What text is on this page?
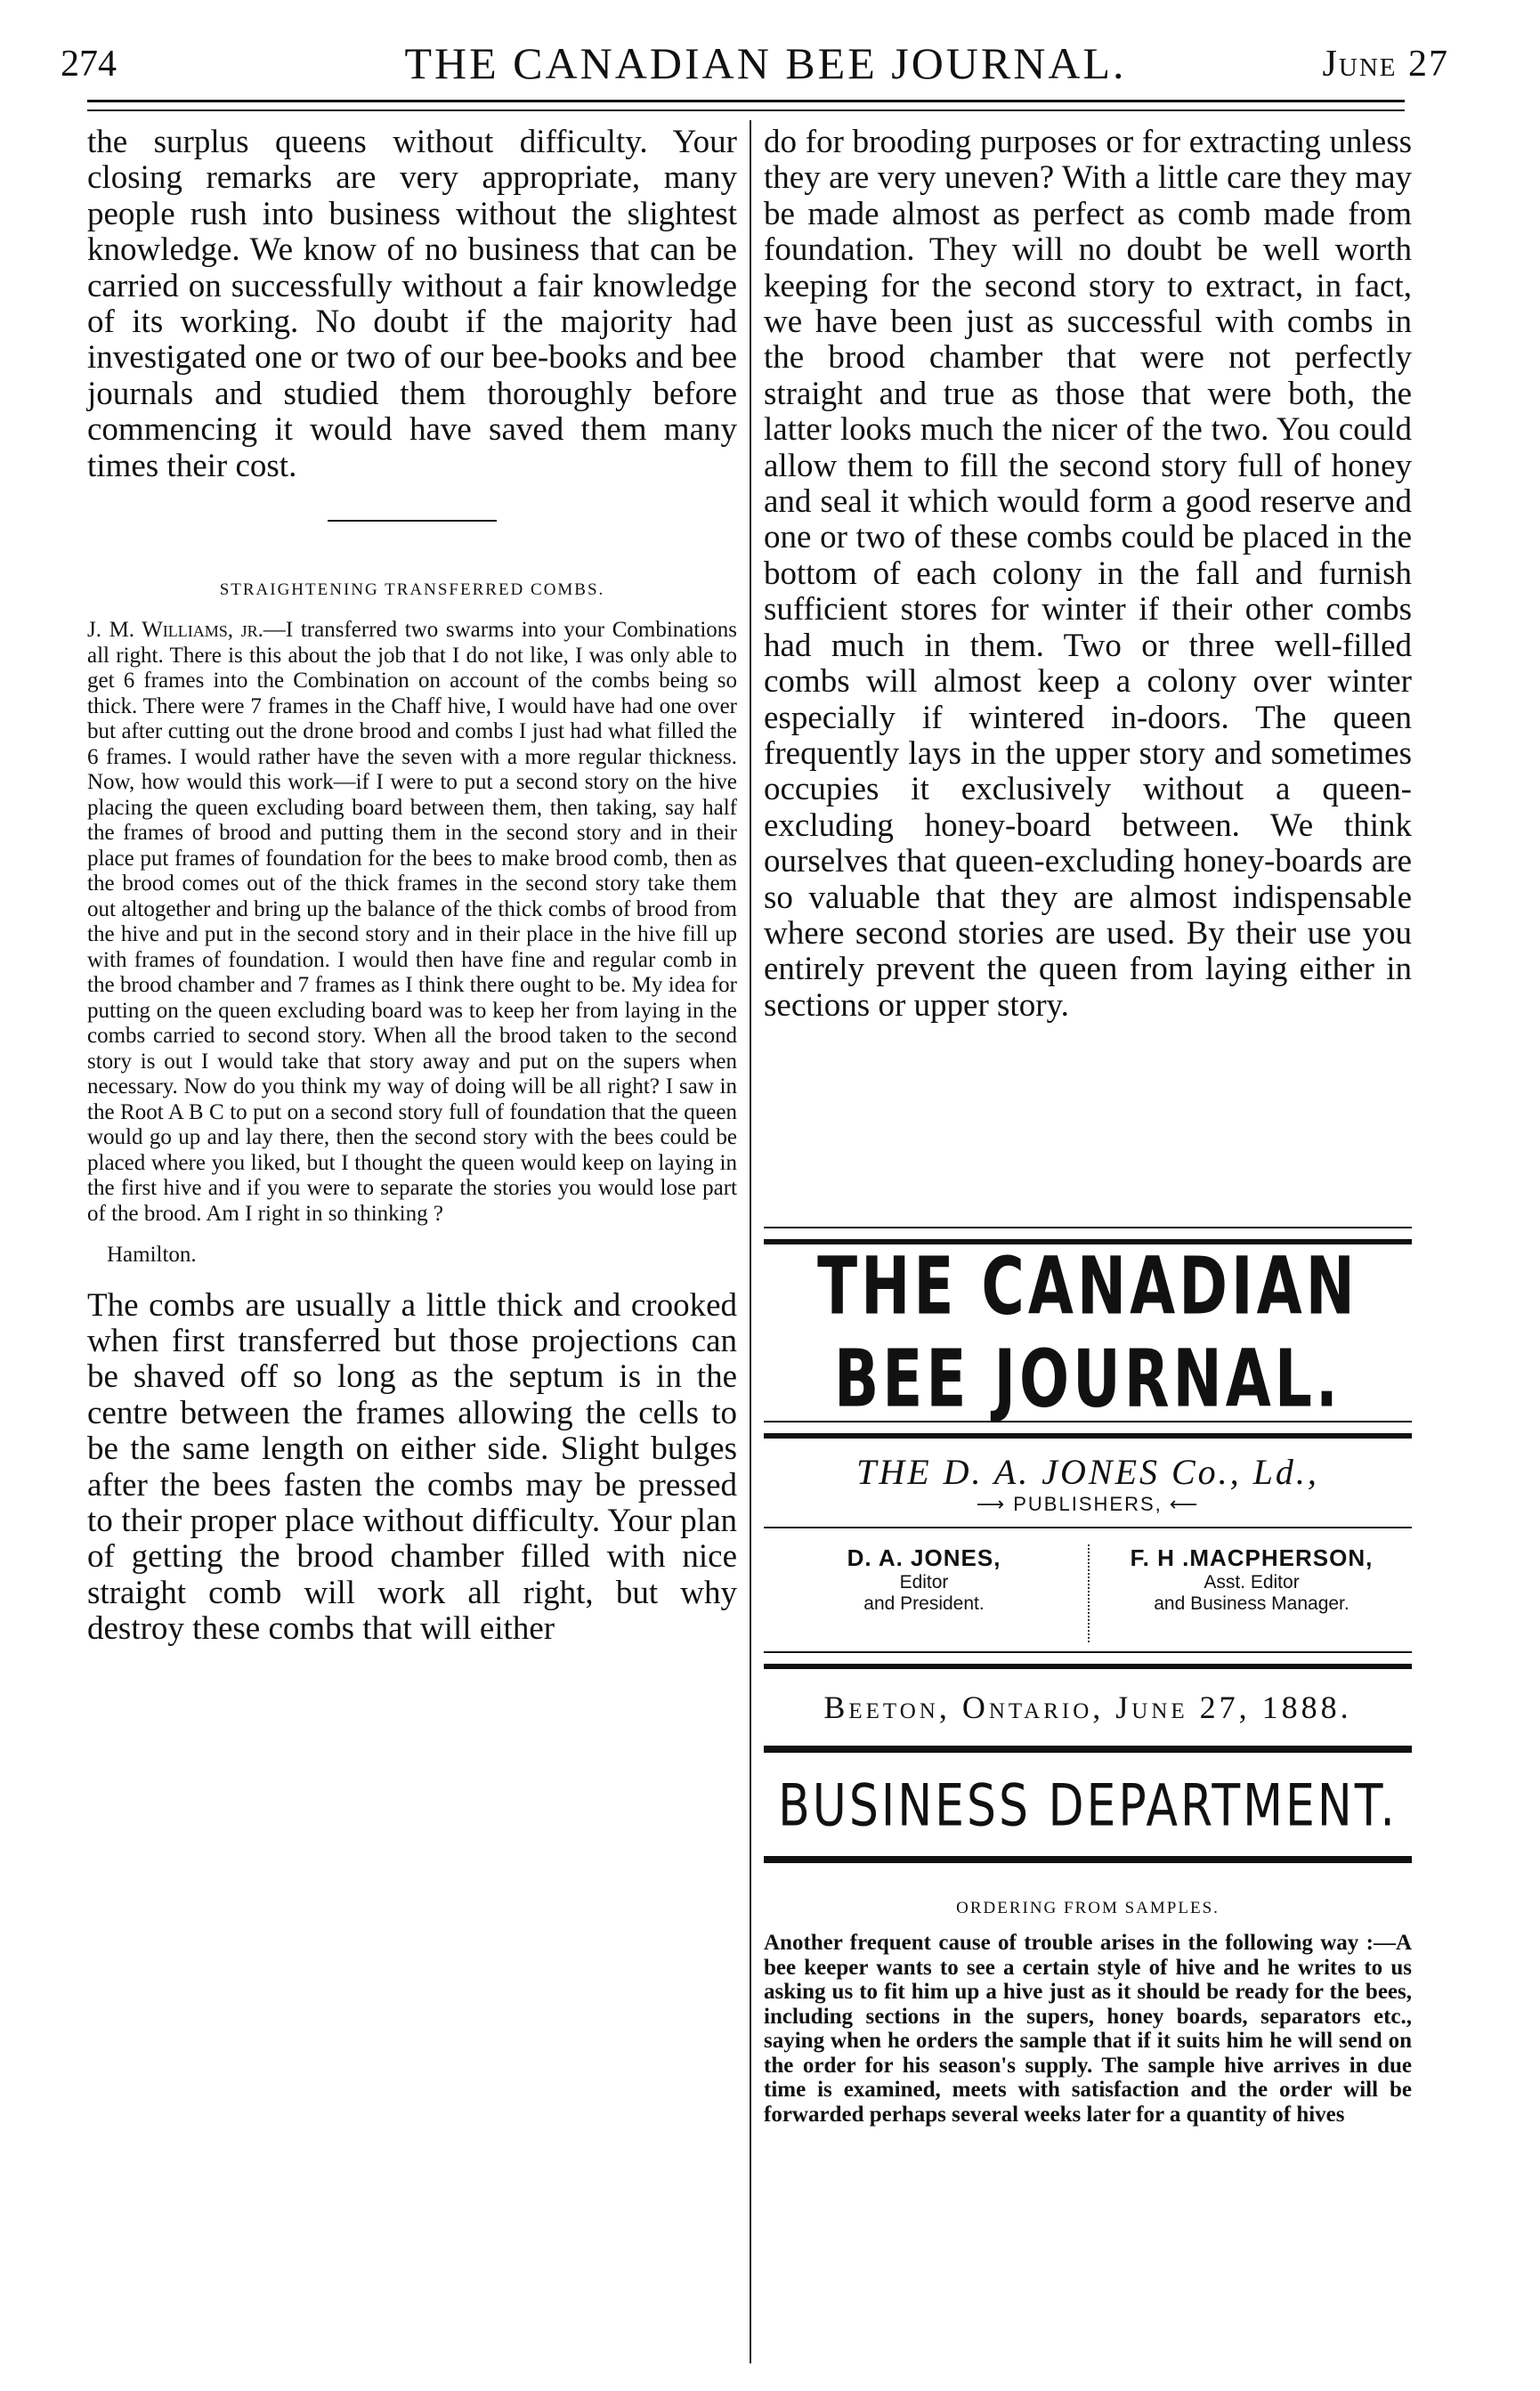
274	THE CANADIAN BEE JOURNAL.	June 27

the surplus queens without difficulty. Your closing remarks are very appropriate, many people rush into business without the slightest knowledge. We know of no business that can be carried on successfully without a fair knowledge of its working. No doubt if the majority had investigated one or two of our bee-books and bee journals and studied them thoroughly before commencing it would have saved them many times their cost.

STRAIGHTENING TRANSFERRED COMBS.

J. M. Williams, jr.—I transferred two swarms into your Combinations all right. There is this about the job that I do not like, I was only able to get 6 frames into the Combination on account of the combs being so thick. There were 7 frames in the Chaff hive, I would have had one over but after cutting out the drone brood and combs I just had what filled the 6 frames. I would rather have the seven with a more regular thickness. Now, how would this work—if I were to put a second story on the hive placing the queen excluding board between them, then taking, say half the frames of brood and putting them in the second story and in their place put frames of foundation for the bees to make brood comb, then as the brood comes out of the thick frames in the second story take them out altogether and bring up the balance of the thick combs of brood from the hive and put in the second story and in their place in the hive fill up with frames of foundation. I would then have fine and regular comb in the brood chamber and 7 frames as I think there ought to be. My idea for putting on the queen excluding board was to keep her from laying in the combs carried to second story. When all the brood taken to the second story is out I would take that story away and put on the supers when necessary. Now do you think my way of doing will be all right? I saw in the Root A B C to put on a second story full of foundation that the queen would go up and lay there, then the second story with the bees could be placed where you liked, but I thought the queen would keep on laying in the first hive and if you were to separate the stories you would lose part of the brood. Am I right in so thinking ?

Hamilton.

The combs are usually a little thick and crooked when first transferred but those projections can be shaved off so long as the septum is in the centre between the frames allowing the cells to be the same length on either side. Slight bulges after the bees fasten the combs may be pressed to their proper place without difficulty. Your plan of getting the brood chamber filled with nice straight comb will work all right, but why destroy these combs that will either

do for brooding purposes or for extracting unless they are very uneven? With a little care they may be made almost as perfect as comb made from foundation. They will no doubt be well worth keeping for the second story to extract, in fact, we have been just as successful with combs in the brood chamber that were not perfectly straight and true as those that were both, the latter looks much the nicer of the two. You could allow them to fill the second story full of honey and seal it which would form a good reserve and one or two of these combs could be placed in the bottom of each colony in the fall and furnish sufficient stores for winter if their other combs had much in them. Two or three well-filled combs will almost keep a colony over winter especially if wintered in-doors. The queen frequently lays in the upper story and sometimes occupies it exclusively without a queen-excluding honey-board between. We think ourselves that queen-excluding honey-boards are so valuable that they are almost indispensable where second stories are used. By their use you entirely prevent the queen from laying either in sections or upper story.

THE CANADIAN BEE JOURNAL.

THE D. A. JONES Co., Ld.,

⟶ PUBLISHERS, ⟵

D. A. JONES,
Editor
and President.
F. H .MACPHERSON,
Asst. Editor
and Business Manager.

Beeton, Ontario, June 27, 1888.

BUSINESS DEPARTMENT.

ORDERING FROM SAMPLES.

Another frequent cause of trouble arises in the following way :—A bee keeper wants to see a certain style of hive and he writes to us asking us to fit him up a hive just as it should be ready for the bees, including sections in the supers, honey boards, separators etc., saying when he orders the sample that if it suits him he will send on the order for his season's supply. The sample hive arrives in due time is examined, meets with satisfaction and the order will be forwarded perhaps several weeks later for a quantity of hives
